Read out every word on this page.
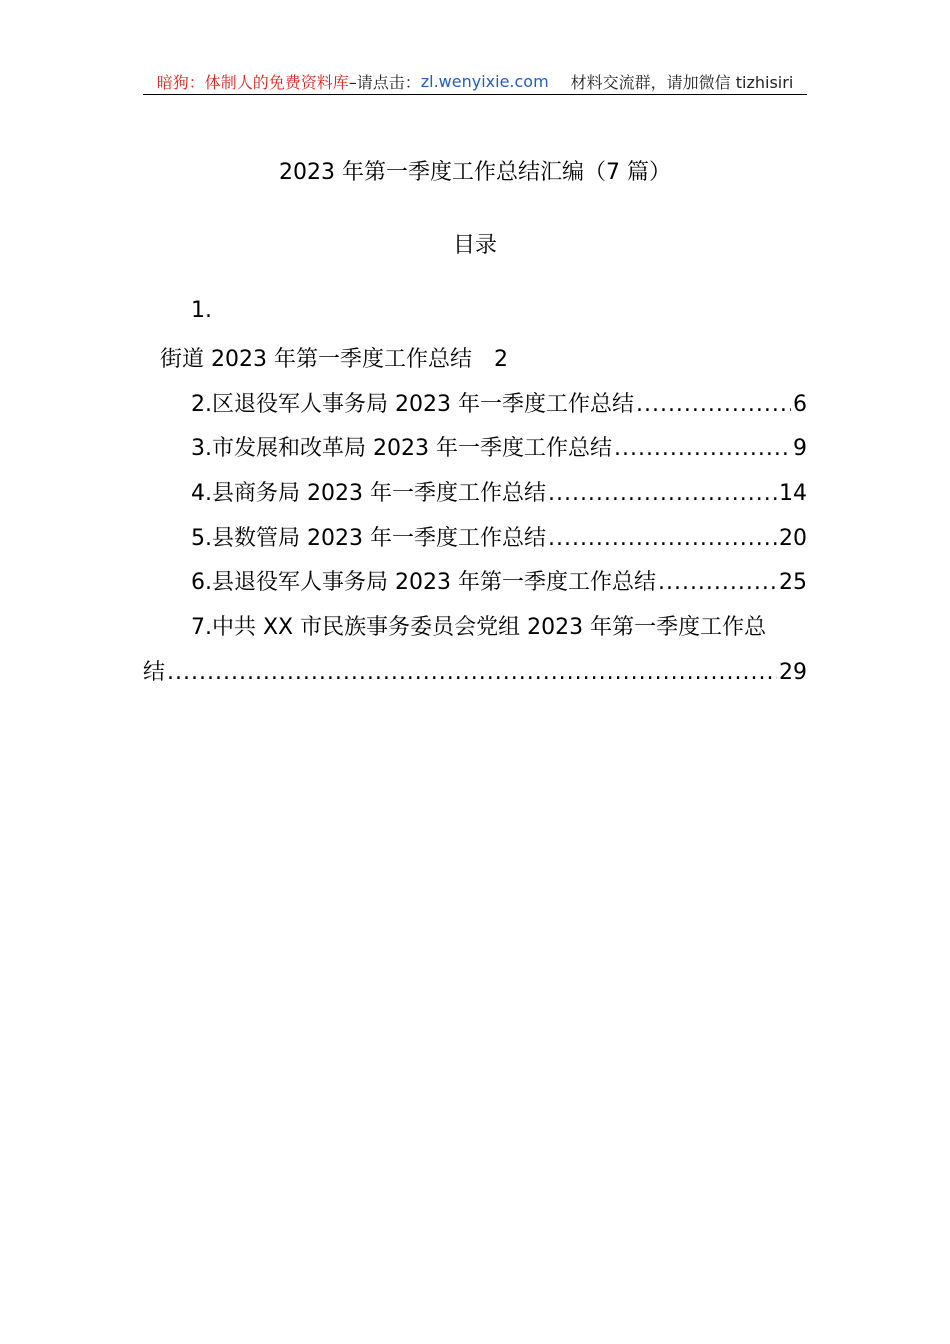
暗狗：体制人的免费资料库 –请点击： zl.wenyixie.com 材料交流群，请加微信 tizhisiri
2023 年第一季度工作总结汇编（7 篇）
目录
1.
街道 2023 年第一季度工作总结 2
2.区退役军人事务局 2023 年一季度工作总结 .....	6
3.市发展和改革局 2023 年一季度工作总结 .....	9
4.县商务局 2023 年一季度工作总结 .....	14
5.县数管局 2023 年一季度工作总结 .....	20
6.县退役军人事务局 2023 年第一季度工作总结 .....	25
7.中共 XX 市民族事务委员会党组 2023 年第一季度工作总
结 .....	29
